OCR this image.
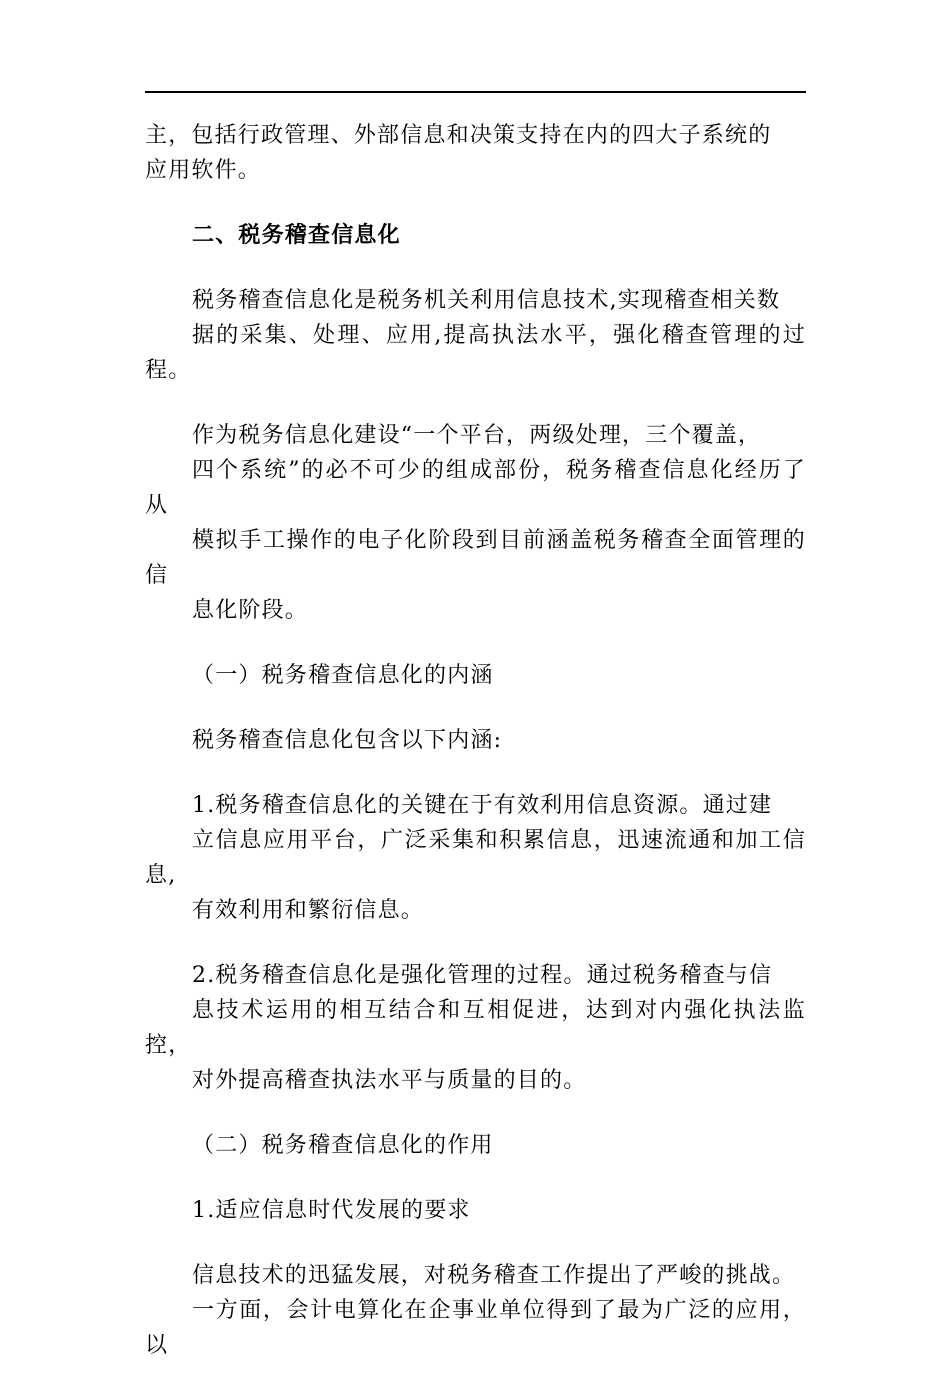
主，包括行政管理、外部信息和决策支持在内的四大子系统的
应用软件。
二、税务稽查信息化
税务稽查信息化是税务机关利用信息技术,实现稽查相关数
据的采集、处理、应用,提高执法水平，强化稽查管理的过程。
作为税务信息化建设“一个平台，两级处理，三个覆盖，
四个系统”的必不可少的组成部份，税务稽查信息化经历了从
模拟手工操作的电子化阶段到目前涵盖税务稽查全面管理的信
息化阶段。
（一）税务稽查信息化的内涵
税务稽查信息化包含以下内涵:
1.税务稽查信息化的关键在于有效利用信息资源。通过建
立信息应用平台，广泛采集和积累信息，迅速流通和加工信息,
有效利用和繁衍信息。
2.税务稽查信息化是强化管理的过程。通过税务稽查与信
息技术运用的相互结合和互相促进，达到对内强化执法监控，
对外提高稽查执法水平与质量的目的。
（二）税务稽查信息化的作用
1.适应信息时代发展的要求
信息技术的迅猛发展，对税务稽查工作提出了严峻的挑战。
一方面，会计电算化在企事业单位得到了最为广泛的应用，以
